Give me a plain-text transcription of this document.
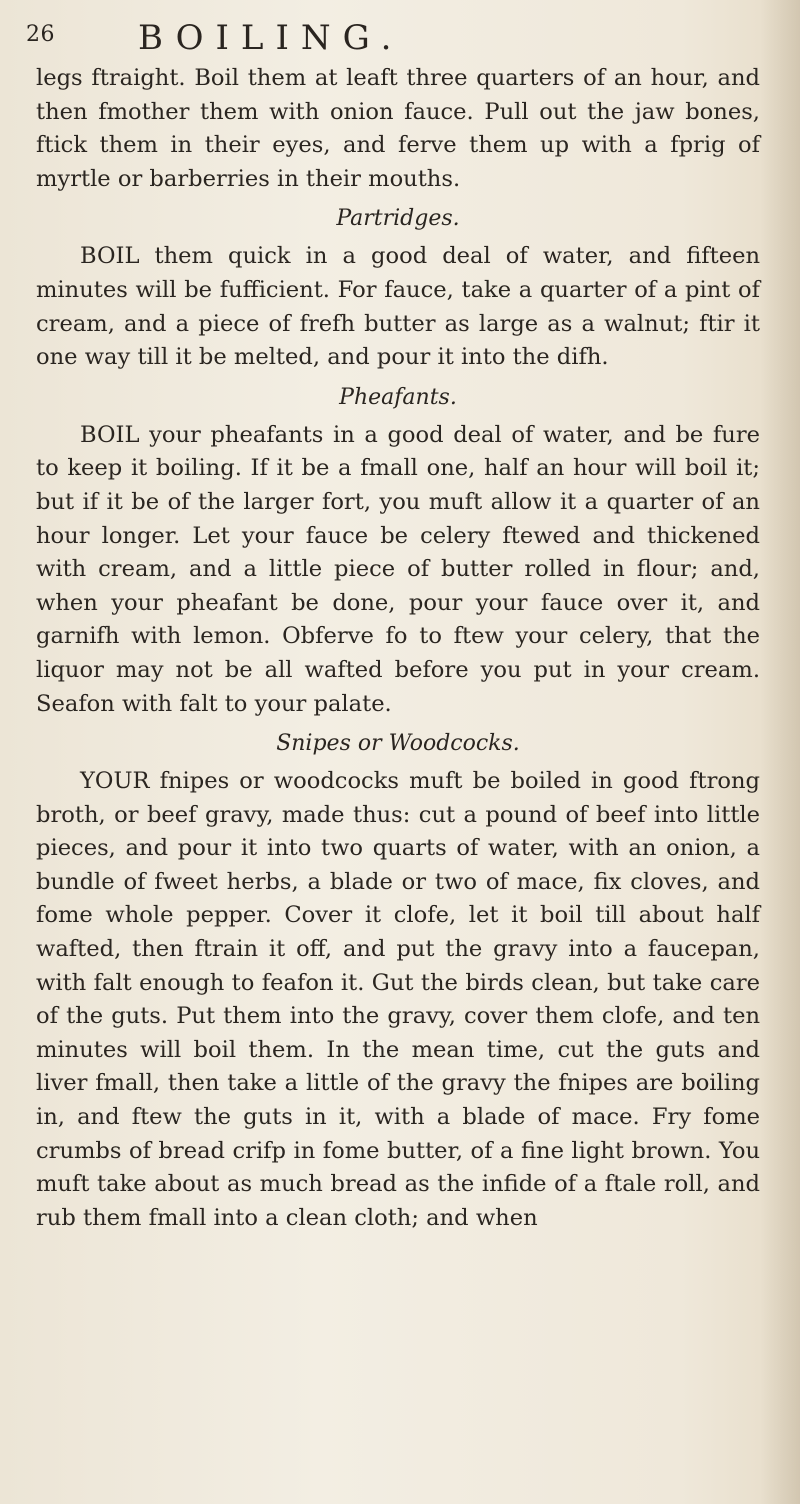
26 BOILING.

legs ftraight. Boil them at leaft three quarters of an hour, and then fmother them with onion fauce. Pull out the jaw bones, ftick them in their eyes, and ferve them up with a fprig of myrtle or barberries in their mouths.

Partridges.

BOIL them quick in a good deal of water, and fifteen minutes will be fufficient. For fauce, take a quarter of a pint of cream, and a piece of frefh butter as large as a walnut; ftir it one way till it be melted, and pour it into the difh.

Pheafants.

BOIL your pheafants in a good deal of water, and be fure to keep it boiling. If it be a fmall one, half an hour will boil it; but if it be of the larger fort, you muft allow it a quarter of an hour longer. Let your fauce be celery ftewed and thickened with cream, and a little piece of butter rolled in flour; and, when your pheafant be done, pour your fauce over it, and garnifh with lemon. Obferve fo to ftew your celery, that the liquor may not be all wafted before you put in your cream. Seafon with falt to your palate.

Snipes or Woodcocks.

YOUR fnipes or woodcocks muft be boiled in good ftrong broth, or beef gravy, made thus: cut a pound of beef into little pieces, and pour it into two quarts of water, with an onion, a bundle of fweet herbs, a blade or two of mace, fix cloves, and fome whole pepper. Cover it clofe, let it boil till about half wafted, then ftrain it off, and put the gravy into a faucepan, with falt enough to feafon it. Gut the birds clean, but take care of the guts. Put them into the gravy, cover them clofe, and ten minutes will boil them. In the mean time, cut the guts and liver fmall, then take a little of the gravy the fnipes are boiling in, and ftew the guts in it, with a blade of mace. Fry fome crumbs of bread crifp in fome butter, of a fine light brown. You muft take about as much bread as the infide of a ftale roll, and rub them fmall into a clean cloth; and when
